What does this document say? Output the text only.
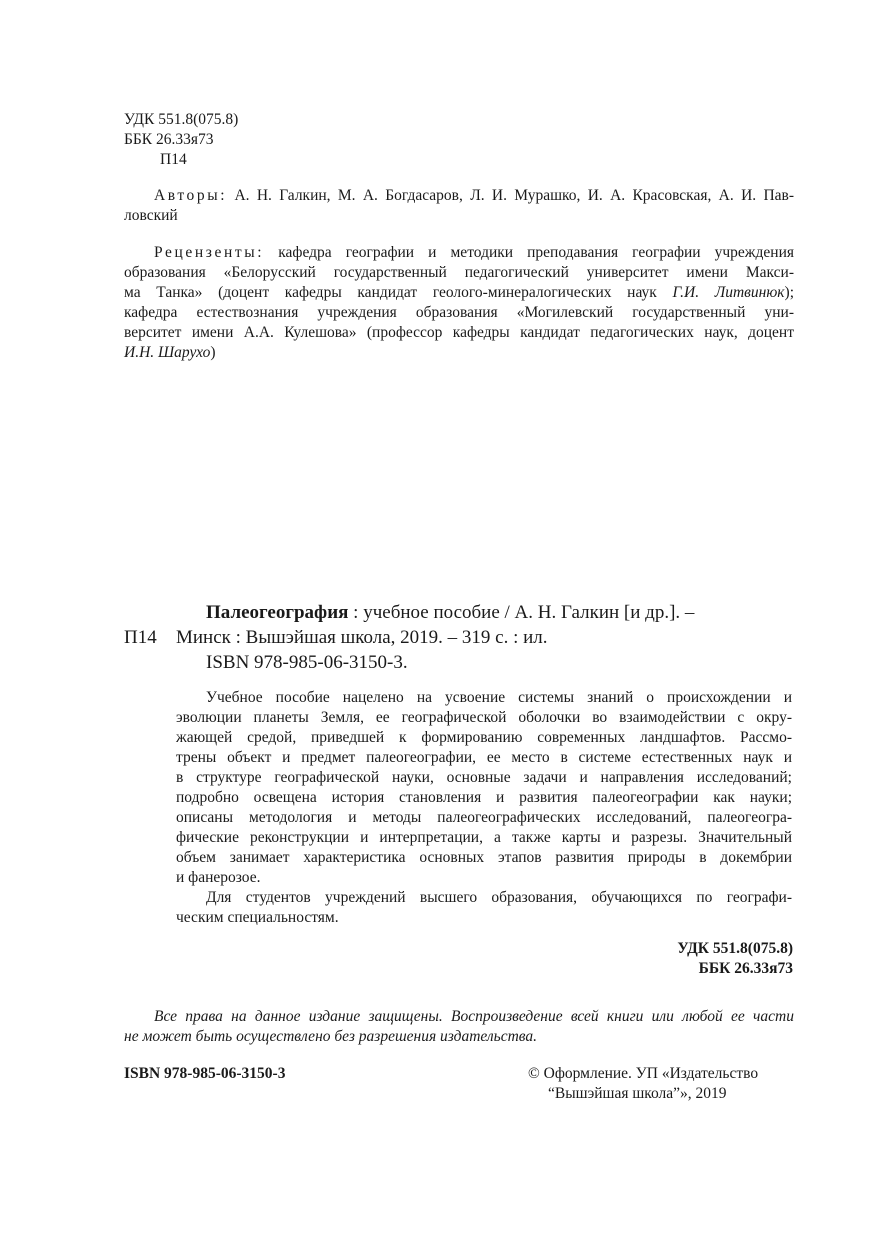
УДК 551.8(075.8)
ББК 26.33я73
П14
Авторы: А. Н. Галкин, М. А. Богдасаров, Л. И. Мурашко, И. А. Красовская, А. И. Пав-
ловский
Рецензенты: кафедра географии и методики преподавания географии учреждения
образования «Белорусский государственный педагогический университет имени Макси-
ма Танка» (доцент кафедры кандидат геолого-минералогических наук Г.И. Литвинюк);
кафедра естествознания учреждения образования «Могилевский государственный уни-
верситет имени А.А. Кулешова» (профессор кафедры кандидат педагогических наук, доцент
И.Н. Шарухо)
Палеогеография : учебное пособие / А. Н. Галкин [и др.]. –
П14 Минск : Вышэйшая школа, 2019. – 319 с. : ил.
ISBN 978-985-06-3150-3.

Учебное пособие нацелено на усвоение системы знаний о происхождении и
эволюции планеты Земля, ее географической оболочки во взаимодействии с окру-
жающей средой, приведшей к формированию современных ландшафтов. Рассмо-
трены объект и предмет палеогеографии, ее место в системе естественных наук и
в структуре географической науки, основные задачи и направления исследований;
подробно освещена история становления и развития палеогеографии как науки;
описаны методология и методы палеогеографических исследований, палеогеогра-
фические реконструкции и интерпретации, а также карты и разрезы. Значительный
объем занимает характеристика основных этапов развития природы в докембрии
и фанерозое.

Для студентов учреждений высшего образования, обучающихся по географи-
ческим специальностям.

УДК 551.8(075.8)
ББК 26.33я73
Все права на данное издание защищены. Воспроизведение всей книги или любой ее части
не может быть осуществлено без разрешения издательства.
ISBN 978-985-06-3150-3	© Оформление. УП «Издательство
“Вышэйшая школа”», 2019
